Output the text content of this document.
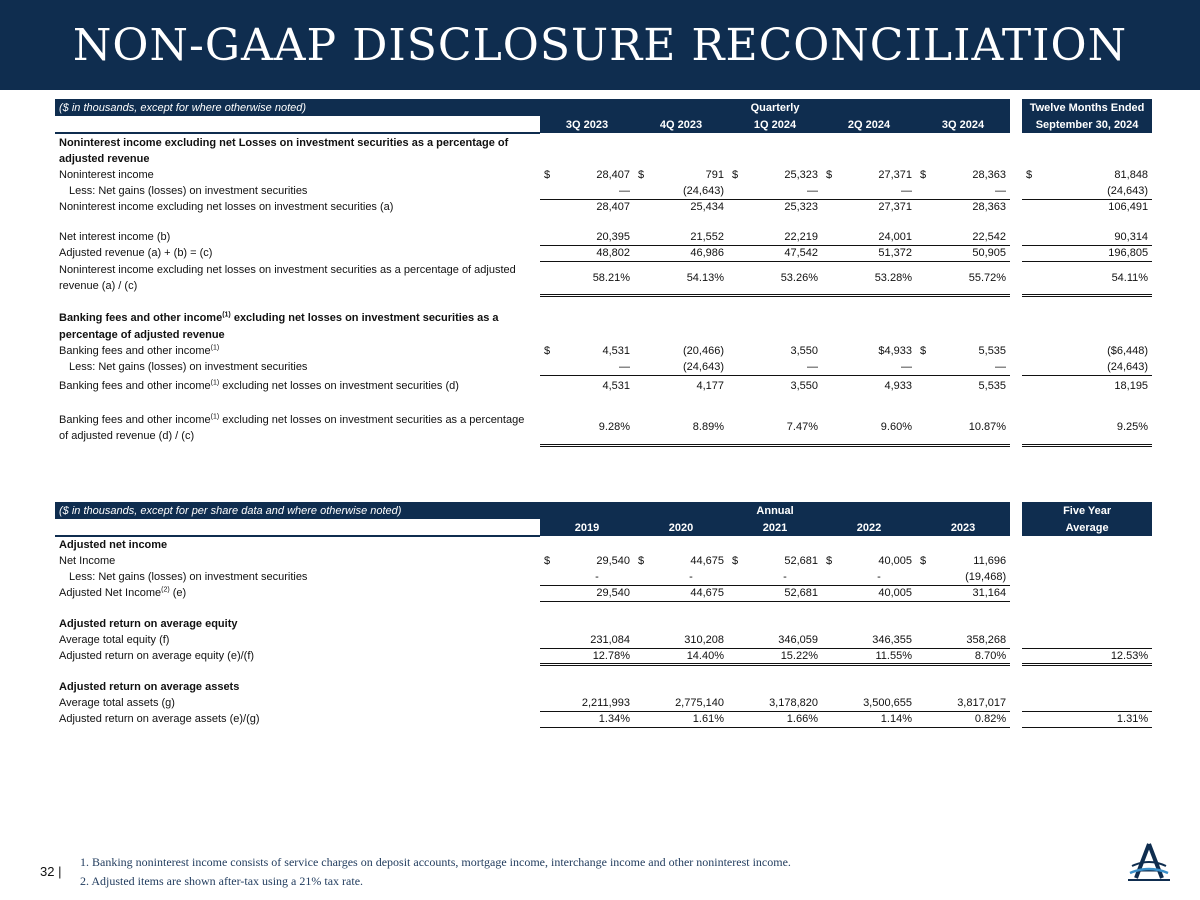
NON-GAAP DISCLOSURE RECONCILIATION
($ in thousands, except for where otherwise noted)	Quarterly											Twelve Months Ended	
	3Q 2023		4Q 2023		1Q 2024		2Q 2024		3Q 2024			September 30, 2024	
Noninterest income excluding net Losses on investment securities as a percentage of adjusted revenue													
Noninterest income	$	28,407	$	791	$	25,323	$	27,371	$	28,363		$	81,848
Less: Net gains (losses) on investment securities		—		(24,643)		—		—		—			(24,643)
Noninterest income excluding net losses on investment securities (a)		28,407		25,434		25,323		27,371		28,363			106,491

Net interest income (b)		20,395		21,552		22,219		24,001		22,542			90,314
Adjusted revenue (a) + (b) = (c)		48,802		46,986		47,542		51,372		50,905			196,805
Noninterest income excluding net losses on investment securities as a percentage of adjusted revenue (a) / (c)		58.21%		54.13%		53.26%		53.28%		55.72%			54.11%

Banking fees and other income$^{(1)}$ excluding net losses on investment securities as a													
percentage of adjusted revenue													
Banking fees and other income$^{(1)}$	$	4,531		(20,466)		3,550		$4,933	$	5,535			($6,448)
Less: Net gains (losses) on investment securities		—		(24,643)		—		—		—			(24,643)
Banking fees and other income$^{(1)}$ excluding net losses on investment securities (d)		4,531		4,177		3,550		4,933		5,535			18,195

Banking fees and other income$^{(1)}$ excluding net losses on investment securities as a percentage of adjusted revenue (d) / (c)		9.28%		8.89%		7.47%		9.60%		10.87%			9.25%
($ in thousands, except for per share data and where otherwise noted)	Annual											Five Year	
	2019		2020		2021		2022		2023			Average	
Adjusted net income													
Net Income	$	29,540	$	44,675	$	52,681	$	40,005	$	11,696			
Less: Net gains (losses) on investment securities		-		-		-		-		(19,468)			
Adjusted Net Income$^{(2)}$ (e)		29,540		44,675		52,681		40,005		31,164			

Adjusted return on average equity													
Average total equity (f)		231,084		310,208		346,059		346,355		358,268			
Adjusted return on average equity (e)/(f)		12.78%		14.40%		15.22%		11.55%		8.70%			12.53%

Adjusted return on average assets													
Average total assets (g)		2,211,993		2,775,140		3,178,820		3,500,655		3,817,017			
Adjusted return on average assets (e)/(g)		1.34%		1.61%		1.66%		1.14%		0.82%			1.31%
32 |
1. Banking noninterest income consists of service charges on deposit accounts, mortgage income, interchange income and other noninterest income.
2. Adjusted items are shown after-tax using a 21% tax rate.
